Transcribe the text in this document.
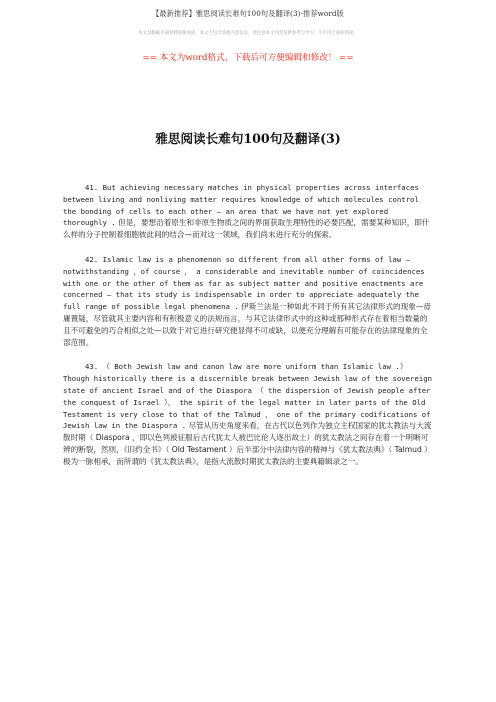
【最新推荐】雅思阅读长难句100句及翻译(3)-推荐word版
本文是根据市面材料转换而成，本文不包含其他内容信息，请注意本文内容仅供参考与学习，不可用于商业用途。
== 本文为word格式，下载后可方便编辑和修改！ ==
雅思阅读长难句100句及翻译(3)

41. But achieving necessary matches in physical properties across interfaces between living and nonliving matter requires knowledge of which molecules control the bonding of cells to each other – an area that we have not yet explored thoroughly . 但是，要想沿着原生和非原生物质之间的界面获取生理特性的必要匹配，需要某种知识，即什么样的分子控制着细胞彼此间的结合—而对这一领域，我们尚未进行充分的探索。

42. Islamic law is a phenomenon so different from all other forms of law – notwithstanding ，of course ， a considerable and inevitable number of coincidences with one or the other of them as far as subject matter and positive enactments are concerned – that its study is indispensable in order to appreciate adequately the full range of possible legal phenomena . 伊斯兰法是一种如此不同于所有其它法律形式的现象—毋庸置疑，尽管就其主要内容和有积极意义的法规而言，与其它法律形式中的这种或那种形式存在着相当数量的且不可避免的巧合相似之处—以致于对它进行研究便显得不可或缺，以便充分理解有可能存在的法律现象的全部范围。

43. （ Both Jewish law and canon law are more uniform than Islamic law .） Though historically there is a discernible break between Jewish law of the sovereign state of ancient Israel and of the Diaspora （ the dispersion of Jewish people after the conquest of Israel ）， the spirit of the legal matter in later parts of the Old Testament is very close to that of the Talmud ， one of the primary codifications of Jewish law in the Diaspora . 尽管从历史角度来看，在古代以色列作为独立主权国家的犹太教法与大流散时期（ Diaspora ，即以色列被征服后古代犹太人被巴比伦人逐出故土）的犹太教法之间存在着一个明晰可辨的断裂，然则，《旧约全书》（ Old Testament ）后半部分中法律内容的精神与《犹太教法典》（ Talmud ）极为一脉相承，而所谓的《犹太教法典》，是指大流散时期犹太教法的主要典籍辑录之一。
